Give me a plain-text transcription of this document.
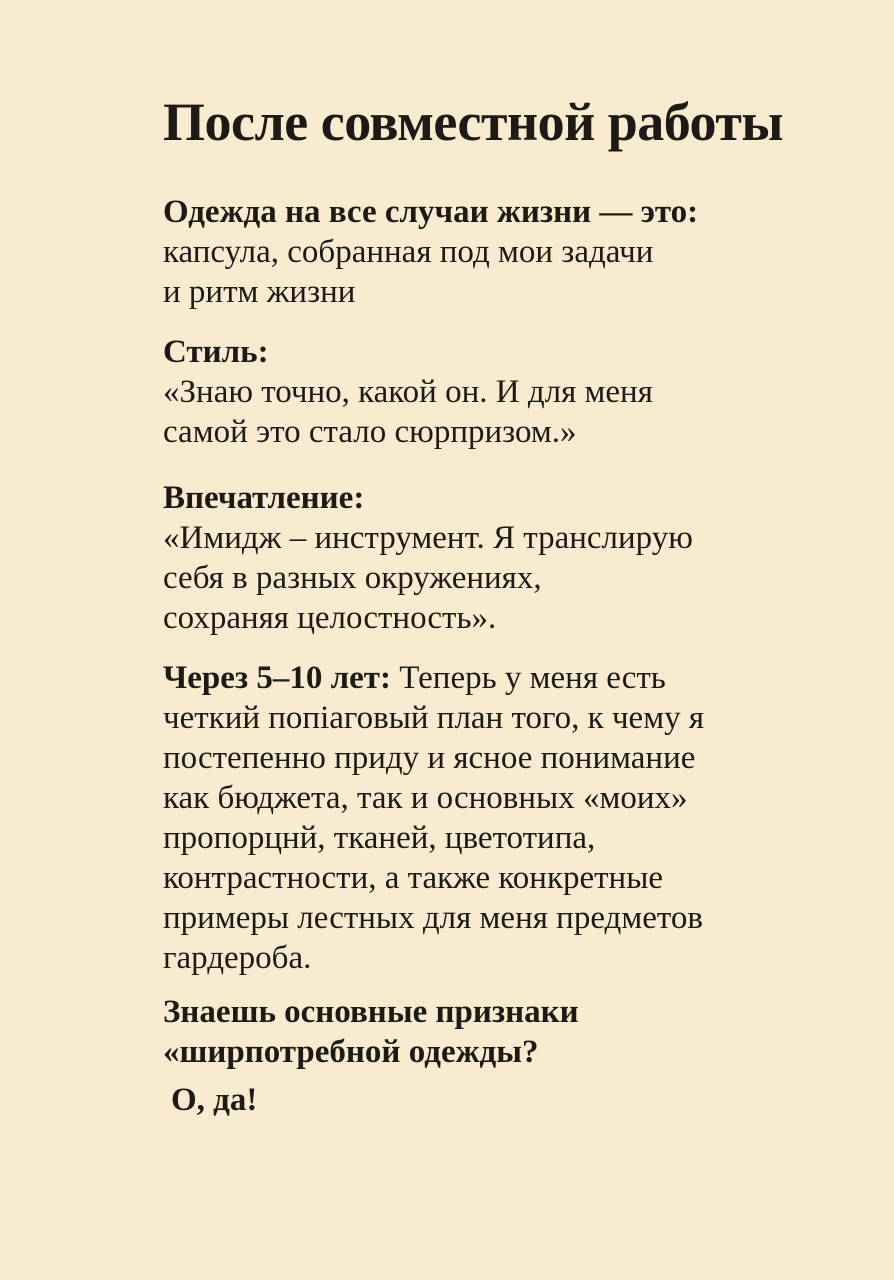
После совместной работы
Одежда на все случаи жизни — это:
капсула, собранная под мои задачи
и ритм жизни
Стиль:
«Знаю точно, какой он. И для меня
самой это стало сюрпризом.»
Впечатление:
«Имидж – инструмент. Я транслирую
себя в разных окружениях,
сохраняя целостность».
Через 5–10 лет: Теперь у меня есть
четкий попіаговый план того, к чему я
постепенно приду и ясное понимание
как бюджета, так и основных «моих»
пропорцнй, тканей, цветотипа,
контрастности, а также конкретные
примеры лестных для меня предметов
гардероба.
Знаешь основные признаки
«ширпотребной одежды?
О, да!
